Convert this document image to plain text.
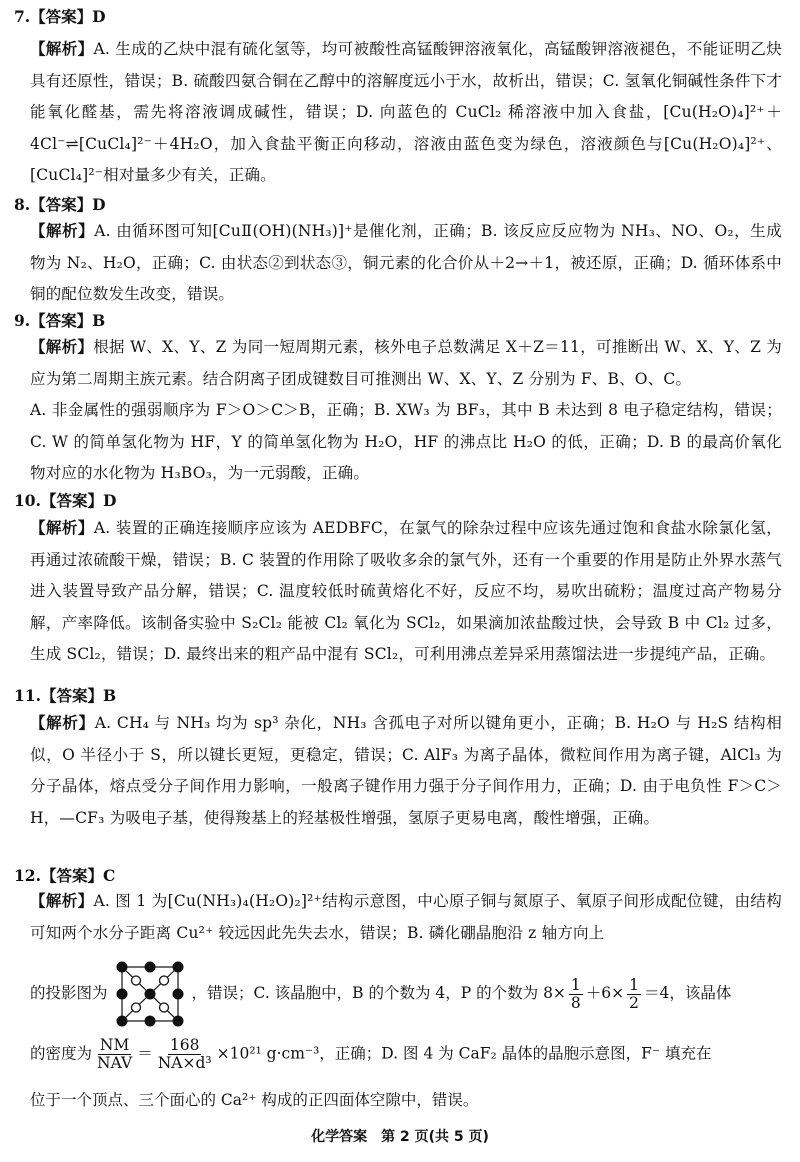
7.【答案】D

【解析】A. 生成的乙炔中混有硫化氢等，均可被酸性高锰酸钾溶液氧化，高锰酸钾溶液褪色，不能证明乙炔具有还原性，错误；B. 硫酸四氨合铜在乙醇中的溶解度远小于水，故析出，错误；C. 氢氧化铜碱性条件下才能氧化醛基，需先将溶液调成碱性，错误；D. 向蓝色的 CuCl₂ 稀溶液中加入食盐，[Cu(H₂O)₄]²⁺＋4Cl⁻⇌[CuCl₄]²⁻＋4H₂O，加入食盐平衡正向移动，溶液由蓝色变为绿色，溶液颜色与[Cu(H₂O)₄]²⁺、[CuCl₄]²⁻相对量多少有关，正确。

8.【答案】D

【解析】A. 由循环图可知[CuⅡ(OH)(NH₃)]⁺是催化剂，正确；B. 该反应反应物为 NH₃、NO、O₂，生成物为 N₂、H₂O，正确；C. 由状态②到状态③，铜元素的化合价从＋2→＋1，被还原，正确；D. 循环体系中铜的配位数发生改变，错误。

9.【答案】B

【解析】根据 W、X、Y、Z 为同一短周期元素，核外电子总数满足 X＋Z＝11，可推断出 W、X、Y、Z 为应为第二周期主族元素。结合阴离子团成键数目可推测出 W、X、Y、Z 分别为 F、B、O、C。

A. 非金属性的强弱顺序为 F＞O＞C＞B，正确；B. XW₃ 为 BF₃，其中 B 未达到 8 电子稳定结构，错误；C. W 的简单氢化物为 HF，Y 的简单氢化物为 H₂O，HF 的沸点比 H₂O 的低，正确；D. B 的最高价氧化物对应的水化物为 H₃BO₃，为一元弱酸，正确。

10.【答案】D

【解析】A. 装置的正确连接顺序应该为 AEDBFC，在氯气的除杂过程中应该先通过饱和食盐水除氯化氢，再通过浓硫酸干燥，错误；B. C 装置的作用除了吸收多余的氯气外，还有一个重要的作用是防止外界水蒸气进入装置导致产品分解，错误；C. 温度较低时硫黄熔化不好，反应不均，易吹出硫粉；温度过高产物易分解，产率降低。该制备实验中 S₂Cl₂ 能被 Cl₂ 氧化为 SCl₂，如果滴加浓盐酸过快，会导致 B 中 Cl₂ 过多，生成 SCl₂，错误；D. 最终出来的粗产品中混有 SCl₂，可利用沸点差异采用蒸馏法进一步提纯产品，正确。

11.【答案】B

【解析】A. CH₄ 与 NH₃ 均为 sp³ 杂化，NH₃ 含孤电子对所以键角更小，正确；B. H₂O 与 H₂S 结构相似，O 半径小于 S，所以键长更短，更稳定，错误；C. AlF₃ 为离子晶体，微粒间作用为离子键，AlCl₃ 为分子晶体，熔点受分子间作用力影响，一般离子键作用力强于分子间作用力，正确；D. 由于电负性 F＞C＞H，—CF₃ 为吸电子基，使得羧基上的羟基极性增强，氢原子更易电离，酸性增强，正确。

12.【答案】C

【解析】A. 图 1 为[Cu(NH₃)₄(H₂O)₂]²⁺结构示意图，中心原子铜与氮原子、氧原子间形成配位键，由结构可知两个水分子距离 Cu²⁺ 较远因此先失去水，错误；B. 磷化硼晶胞沿 z 轴方向上

的投影图为	，错误；C. 该晶胞中，B 的个数为 4，P 的个数为 $8\times \frac{1}{8} +6\times \frac{1}{2} =4$，该晶体
的密度为 $\frac{NM}{\text{NAV}} = \frac{168}{\text{NA×d³}} \times 10^{21}$ g·cm⁻³，正确；D. 图 4 为 CaF₂ 晶体的晶胞示意图，F⁻ 填充在
位于一个顶点、三个面心的 Ca²⁺ 构成的正四面体空隙中，错误。
化学答案　第 2 页(共 5 页)
